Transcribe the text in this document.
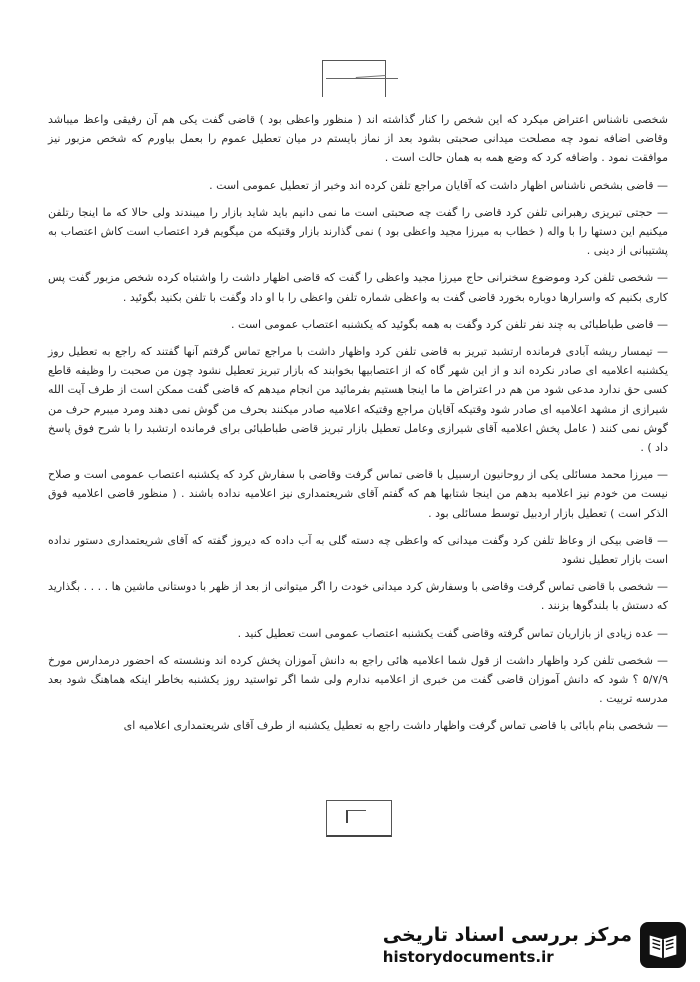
شخصی ناشناس اعتراض میکرد که این شخص را کنار گذاشته اند ( منظور واعظی بود ) قاضی گفت یکی هم آن رفیقی واعظ میباشد وقاضی اضافه نمود چه مصلحت میدانی صحبتی بشود بعد از نماز بایستم در میان تعطیل عموم را بعمل بیاورم که شخص مزبور نیز موافقت نمود . واضافه کرد که وضع همه به همان حالت است .

— قاضی بشخص ناشناس اظهار داشت که آقایان مراجع تلفن کرده اند وخبر از تعطیل عمومی است .

— حجتی تبریزی رهبرانی تلفن کرد قاضی را گفت چه صحبتی است ما نمی دانیم باید شاید بازار را میبندند ولی حالا که ما اینجا رتلفن میکنیم این دستها را با واله ( خطاب به میرزا مجید واعظی بود ) نمی گذارند بازار وقتیکه من میگویم فرد اعتصاب است کاش اعتصاب به پشتیبانی از دینی .

— شخصی تلفن کرد وموضوع سخنرانی حاج میرزا مجید واعظی را گفت که قاضی اظهار داشت را واشتباه کرده شخص مزبور گفت پس کاری بکنیم که واسرارها دوباره بخورد قاضی گفت به واعظی شماره تلفن واعظی را با او داد وگفت با تلفن بکنید بگوئید .

— قاضی طباطبائی به چند نفر تلفن کرد وگفت به همه بگوئید که یکشنبه اعتصاب عمومی است .

— تیمسار ریشه آبادی فرمانده ارتشبد تبریز به قاضی تلفن کرد واظهار داشت با مراجع تماس گرفتم آنها گفتند که راجع به تعطیل روز یکشنبه اعلامیه ای صادر نکرده اند و از این شهر گاه که از اعتصابیها بخوابند که بازار تبریز تعطیل نشود چون من صحبت را وظیفه قاطع کسی حق ندارد مدعی شود من هم در اعتراض ما ما اینجا هستیم بفرمائید من انجام میدهم که قاضی گفت ممکن است از طرف آیت الله شیرازی از مشهد اعلامیه ای صادر شود وقتیکه آقایان مراجع وقتیکه اعلامیه صادر میکنند بحرف من گوش نمی دهند ومرد میبرم حرف من گوش نمی کنند ( عامل پخش اعلامیه آقای شیرازی وعامل تعطیل بازار تبریز قاضی طباطبائی برای فرمانده ارتشبد را با شرح فوق پاسخ داد ) .

— میرزا محمد مسائلی یکی از روحانیون ارسبیل با قاضی تماس گرفت وقاضی با سفارش کرد که یکشنبه اعتصاب عمومی است و صلاح نیست من خودم نیز اعلامیه بدهم من اینجا شتابها هم که گفتم آقای شریعتمداری نیز اعلامیه نداده باشند . ( منظور قاضی اعلامیه فوق الذکر است ) تعطیل بازار اردبیل توسط مسائلی بود .

— قاضی بیکی از وعاظ تلفن کرد وگفت میدانی که واعظی چه دسته گلی به آب داده که دیروز گفته که آقای شریعتمداری دستور نداده است بازار تعطیل نشود

— شخصی با قاضی تماس گرفت وقاضی با وسفارش کرد میدانی خودت را اگر میتوانی از بعد از ظهر با دوستانی ماشین ها . . . . بگذارید که دستش با بلندگوها بزنند .

— عده زیادی از بازاریان تماس گرفته وقاضی گفت یکشنبه اعتصاب عمومی است تعطیل کنید .

— شخصی تلفن کرد واظهار داشت از قول شما اعلامیه هائی راجع به دانش آموزان پخش کرده اند ونشسته که احضور درمدارس مورخ ۵/۷/۹ ؟ شود که دانش آموزان قاضی گفت من خبری از اعلامیه ندارم ولی شما اگر تواستید روز یکشنبه بخاطر اینکه هماهنگ شود بعد مدرسه تربیت .

— شخصی بنام بابائی با قاضی تماس گرفت واظهار داشت راجع به تعطیل یکشنبه از طرف آقای شریعتمداری اعلامیه ای

مرکز بررسی اسناد تاریخی
historydocuments.ir
